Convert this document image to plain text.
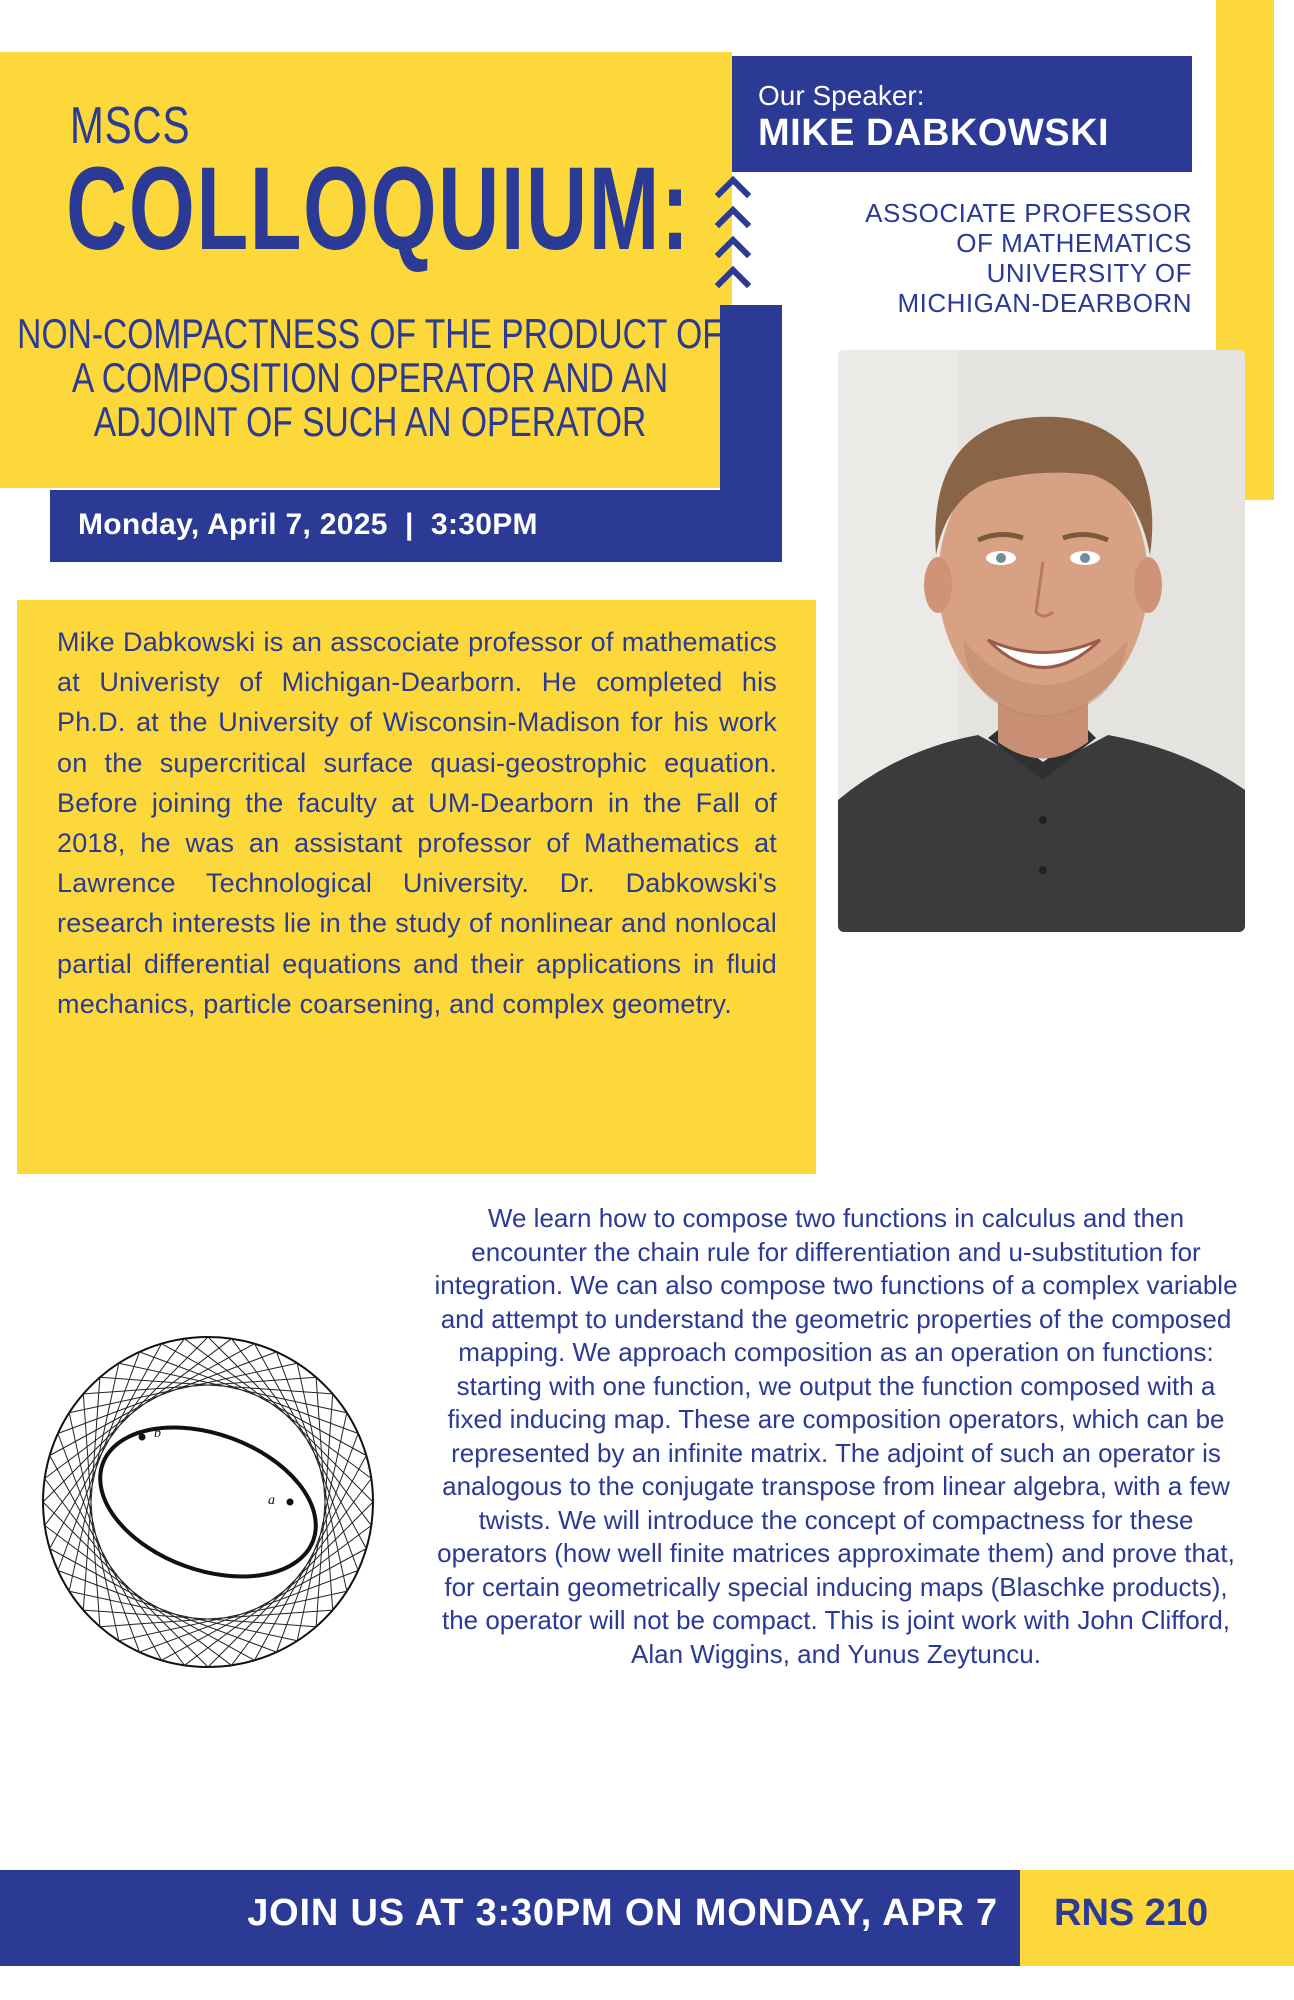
MSCS
COLLOQUIUM:
NON-COMPACTNESS OF THE PRODUCT OF A COMPOSITION OPERATOR AND AN ADJOINT OF SUCH AN OPERATOR
Our Speaker:
MIKE DABKOWSKI
ASSOCIATE PROFESSOR
OF MATHEMATICS
UNIVERSITY OF
MICHIGAN-DEARBORN
Monday, April 7, 2025  |  3:30PM
Mike Dabkowski is an asscociate professor of mathematics at Univeristy of Michigan-Dearborn. He completed his Ph.D. at the University of Wisconsin-Madison for his work on the supercritical surface quasi-geostrophic equation. Before joining the faculty at UM-Dearborn in the Fall of 2018, he was an assistant professor of Mathematics at Lawrence Technological University. Dr. Dabkowski's research interests lie in the study of nonlinear and nonlocal partial differential equations and their applications in fluid mechanics, particle coarsening, and complex geometry.
b
a
We learn how to compose two functions in calculus and then encounter the chain rule for differentiation and u-substitution for integration. We can also compose two functions of a complex variable and attempt to understand the geometric properties of the composed mapping. We approach composition as an operation on functions: starting with one function, we output the function composed with a fixed inducing map. These are composition operators, which can be represented by an infinite matrix. The adjoint of such an operator is analogous to the conjugate transpose from linear algebra, with a few twists. We will introduce the concept of compactness for these operators (how well finite matrices approximate them) and prove that, for certain geometrically special inducing maps (Blaschke products), the operator will not be compact. This is joint work with John Clifford, Alan Wiggins, and Yunus Zeytuncu.
JOIN US AT 3:30PM ON MONDAY, APR 7 RNS 210
